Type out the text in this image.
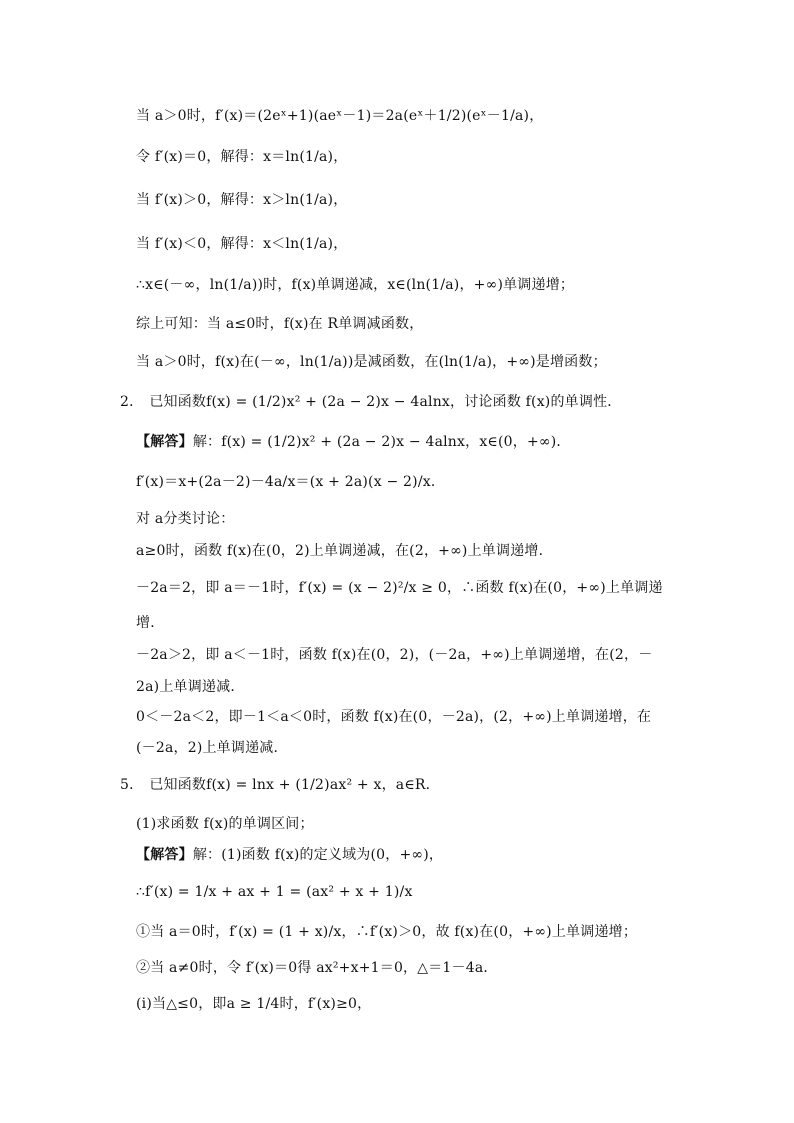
当 a＞0时，f′(x)＝(2eˣ+1)(aeˣ－1)＝2a(eˣ＋1/2)(eˣ－1/a)，
令 f′(x)＝0，解得：x＝ln(1/a)，
当 f′(x)＞0，解得：x＞ln(1/a)，
当 f′(x)＜0，解得：x＜ln(1/a)，
∴x∈(－∞，ln(1/a))时，f(x)单调递减，x∈(ln(1/a)，+∞)单调递增；
综上可知：当 a≤0时，f(x)在 R单调减函数，
当 a＞0时，f(x)在(－∞，ln(1/a))是减函数，在(ln(1/a)，+∞)是增函数；
2． 已知函数f(x) = (1/2)x² + (2a − 2)x − 4alnx，讨论函数 f(x)的单调性．
【解答】解：f(x) = (1/2)x² + (2a − 2)x − 4alnx，x∈(0，+∞)．
f′(x)＝x+(2a－2)－4a/x＝(x + 2a)(x − 2)/x．
对 a分类讨论：
a≥0时，函数 f(x)在(0，2)上单调递减，在(2，+∞)上单调递增．
－2a＝2，即 a＝－1时，f′(x) = (x − 2)²/x ≥ 0，∴函数 f(x)在(0，+∞)上单调递
增．
－2a＞2，即 a＜－1时，函数 f(x)在(0，2)，(－2a，+∞)上单调递增，在(2，－
2a)上单调递减．
0＜－2a＜2，即－1＜a＜0时，函数 f(x)在(0，－2a)，(2，+∞)上单调递增，在
(－2a，2)上单调递减．
5． 已知函数f(x) = lnx + (1/2)ax² + x，a∈R．
(1)求函数 f(x)的单调区间；
【解答】解：(1)函数 f(x)的定义域为(0，+∞)，
∴f′(x) = 1/x + ax + 1 = (ax² + x + 1)/x
①当 a＝0时，f′(x) = (1 + x)/x，∴f′(x)＞0，故 f(x)在(0，+∞)上单调递增；
②当 a≠0时，令 f′(x)＝0得 ax²+x+1＝0，△＝1－4a．
(ⅰ)当△≤0，即a ≥ 1/4时，f′(x)≥0，
